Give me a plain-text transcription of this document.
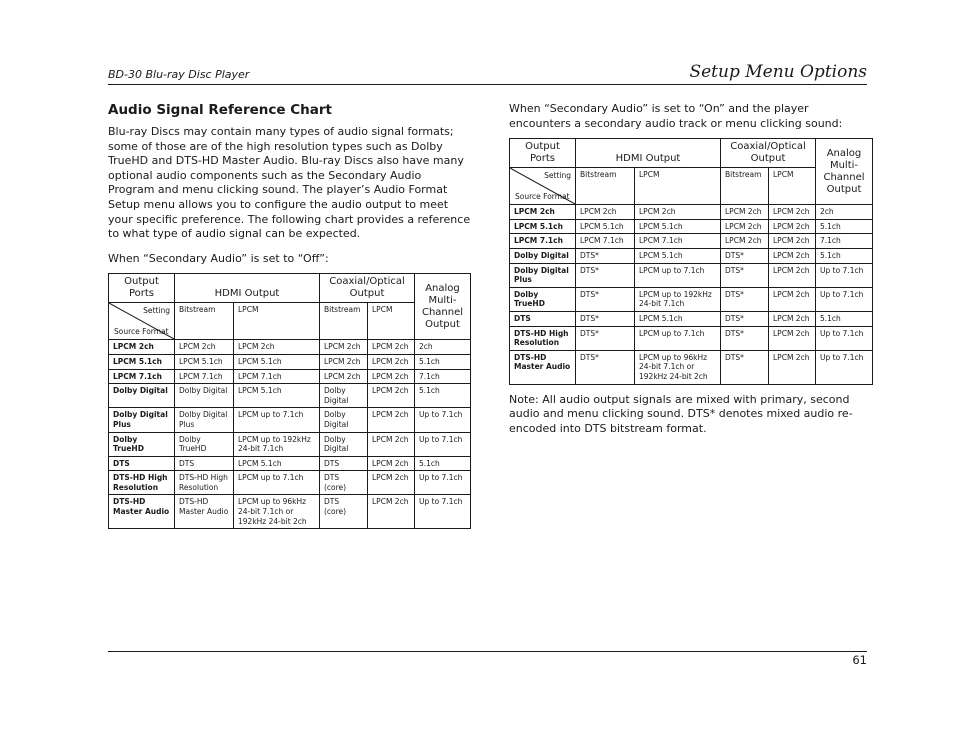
BD-30 Blu-ray Disc Player	Setup Menu Options
Audio Signal Reference Chart

Blu-ray Discs may contain many types of audio signal formats; some of those are of the high resolution types such as Dolby TrueHD and DTS-HD Master Audio. Blu-ray Discs also have many optional audio components such as the Secondary Audio Program and menu clicking sound. The player’s Audio Format Setup menu allows you to configure the audio output to meet your specific preference. The following chart provides a reference to what type of audio signal can be expected.

When “Secondary Audio” is set to “Off”:

Output Ports	HDMI Output		Coaxial/Optical Output		Analog Multi-Channel Output

Setting
Source Format	Bitstream	LPCM	Bitstream	LPCM	
LPCM 2ch	LPCM 2ch	LPCM 2ch	LPCM 2ch	LPCM 2ch	2ch
LPCM 5.1ch	LPCM 5.1ch	LPCM 5.1ch	LPCM 2ch	LPCM 2ch	5.1ch
LPCM 7.1ch	LPCM 7.1ch	LPCM 7.1ch	LPCM 2ch	LPCM 2ch	7.1ch
Dolby Digital	Dolby Digital	LPCM 5.1ch	Dolby Digital	LPCM 2ch	5.1ch
Dolby Digital Plus	Dolby Digital Plus	LPCM up to 7.1ch	Dolby Digital	LPCM 2ch	Up to 7.1ch
Dolby TrueHD	Dolby TrueHD	LPCM up to 192kHz 24-bit 7.1ch	Dolby Digital	LPCM 2ch	Up to 7.1ch
DTS	DTS	LPCM 5.1ch	DTS	LPCM 2ch	5.1ch
DTS-HD High Resolution	DTS-HD High Resolution	LPCM up to 7.1ch	DTS (core)	LPCM 2ch	Up to 7.1ch
DTS-HD Master Audio	DTS-HD Master Audio	LPCM up to 96kHz 24-bit 7.1ch or 192kHz 24-bit 2ch	DTS (core)	LPCM 2ch	Up to 7.1ch

When “Secondary Audio” is set to “On” and the player encounters a secondary audio track or menu clicking sound:

Output Ports	HDMI Output		Coaxial/Optical Output		Analog Multi-Channel Output

Setting
Source Format	Bitstream	LPCM	Bitstream	LPCM	
LPCM 2ch	LPCM 2ch	LPCM 2ch	LPCM 2ch	LPCM 2ch	2ch
LPCM 5.1ch	LPCM 5.1ch	LPCM 5.1ch	LPCM 2ch	LPCM 2ch	5.1ch
LPCM 7.1ch	LPCM 7.1ch	LPCM 7.1ch	LPCM 2ch	LPCM 2ch	7.1ch
Dolby Digital	DTS*	LPCM 5.1ch	DTS*	LPCM 2ch	5.1ch
Dolby Digital Plus	DTS*	LPCM up to 7.1ch	DTS*	LPCM 2ch	Up to 7.1ch
Dolby TrueHD	DTS*	LPCM up to 192kHz 24-bit 7.1ch	DTS*	LPCM 2ch	Up to 7.1ch
DTS	DTS*	LPCM 5.1ch	DTS*	LPCM 2ch	5.1ch
DTS-HD High Resolution	DTS*	LPCM up to 7.1ch	DTS*	LPCM 2ch	Up to 7.1ch
DTS-HD Master Audio	DTS*	LPCM up to 96kHz 24-bit 7.1ch or 192kHz 24-bit 2ch	DTS*	LPCM 2ch	Up to 7.1ch

Note: All audio output signals are mixed with primary, second audio and menu clicking sound. DTS* denotes mixed audio re-encoded into DTS bitstream format.

61
